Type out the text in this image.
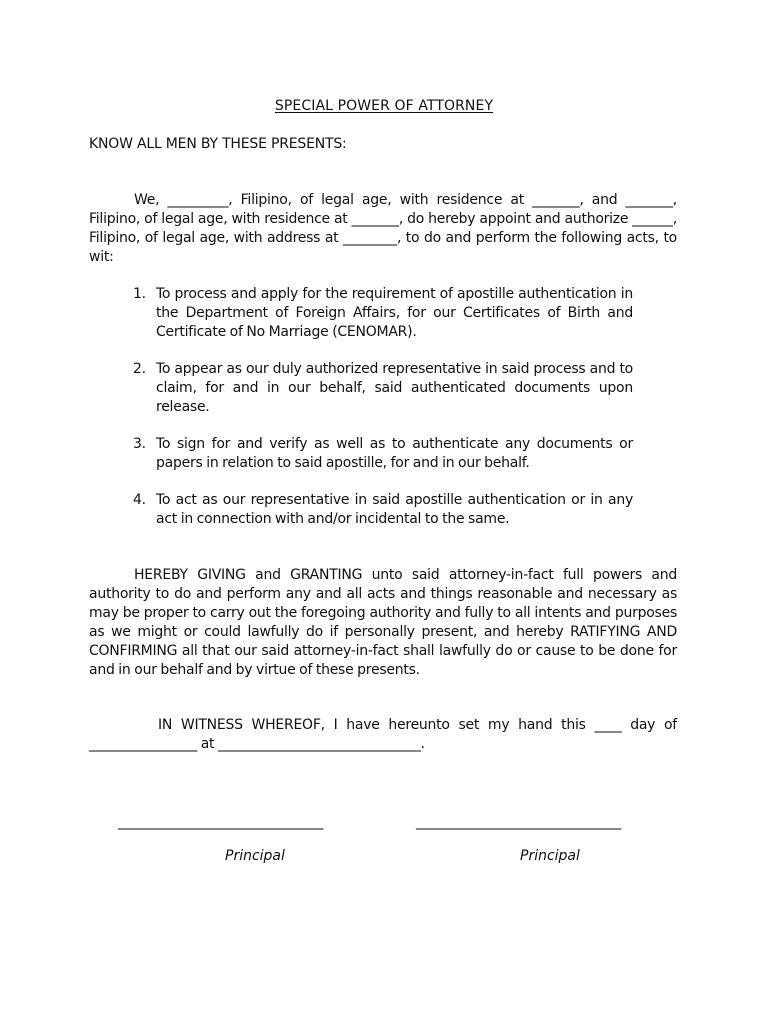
SPECIAL POWER OF ATTORNEY
KNOW ALL MEN BY THESE PRESENTS:

We, _________, Filipino, of legal age, with residence at _______, and _______, Filipino, of legal age, with residence at _______, do hereby appoint and authorize ______, Filipino, of legal age, with address at ________, to do and perform the following acts, to wit:

1. To process and apply for the requirement of apostille authentication in the Department of Foreign Affairs, for our Certificates of Birth and Certificate of No Marriage (CENOMAR).
2. To appear as our duly authorized representative in said process and to claim, for and in our behalf, said authenticated documents upon release.
3. To sign for and verify as well as to authenticate any documents or papers in relation to said apostille, for and in our behalf.
4. To act as our representative in said apostille authentication or in any act in connection with and/or incidental to the same.

HEREBY GIVING and GRANTING unto said attorney-in-fact full powers and authority to do and perform any and all acts and things reasonable and necessary as may be proper to carry out the foregoing authority and fully to all intents and purposes as we might or could lawfully do if personally present, and hereby RATIFYING AND CONFIRMING all that our said attorney-in-fact shall lawfully do or cause to be done for and in our behalf and by virtue of these presents.

IN WITNESS WHEREOF, I have hereunto set my hand this ____ day of ________________ at ______________________________.

________________________________	________________________________
Principal	Principal
